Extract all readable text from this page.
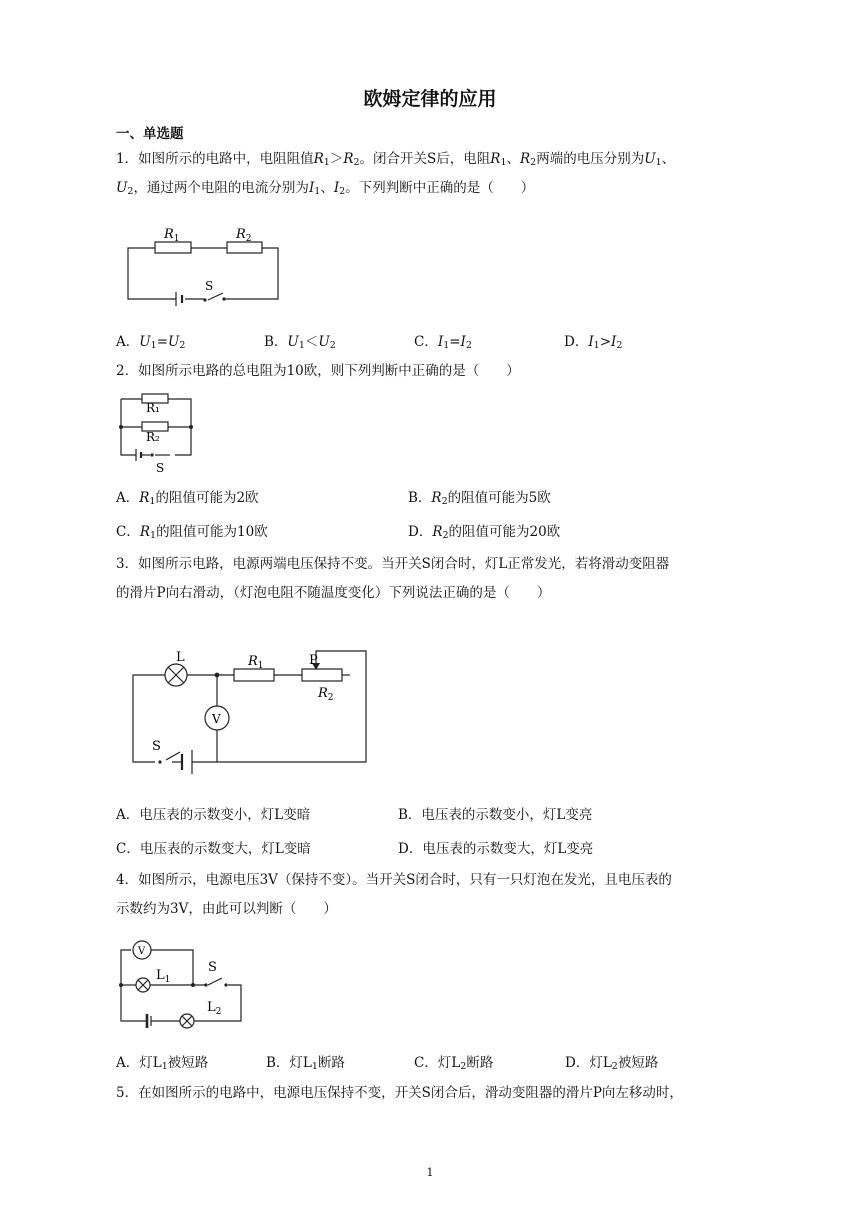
欧姆定律的应用
一、单选题
1．如图所示的电路中，电阻阻值$R_1>R_2$。闭合开关S后，电阻$R_1$、$R_2$两端的电压分别为$U_1$、
$U_2$，通过两个电阻的电流分别为$I_1$、$I_2$。下列判断中正确的是（　　）
$R_1$	$R_2$
S
A．$U_1=U_2$	B．$U_1<U_2$	C．$I_1=I_2$	D．$I_1>I_2$
2．如图所示电路的总电阻为10欧，则下列判断中正确的是（　　）
R₁
R₂
S
A．$R_1$的阻值可能为2欧	B．$R_2$的阻值可能为5欧
C．$R_1$的阻值可能为10欧	D．$R_2$的阻值可能为20欧
3．如图所示电路，电源两端电压保持不变。当开关S闭合时，灯L正常发光，若将滑动变阻器
的滑片P向右滑动，（灯泡电阻不随温度变化）下列说法正确的是（　　）
L	$R_1$	P
$R_2$
V
S
A．电压表的示数变小，灯L变暗	B．电压表的示数变小，灯L变亮
C．电压表的示数变大，灯L变暗	D．电压表的示数变大，灯L变亮
4．如图所示，电源电压3V（保持不变）。当开关S闭合时，只有一只灯泡在发光，且电压表的
示数约为3V，由此可以判断（　　）
V
$L_1$
S
$L_2$
A．灯$L_1$被短路	B．灯$L_1$断路	C．灯$L_2$断路	D．灯$L_2$被短路
5．在如图所示的电路中，电源电压保持不变，开关S闭合后，滑动变阻器的滑片P向左移动时，
1
